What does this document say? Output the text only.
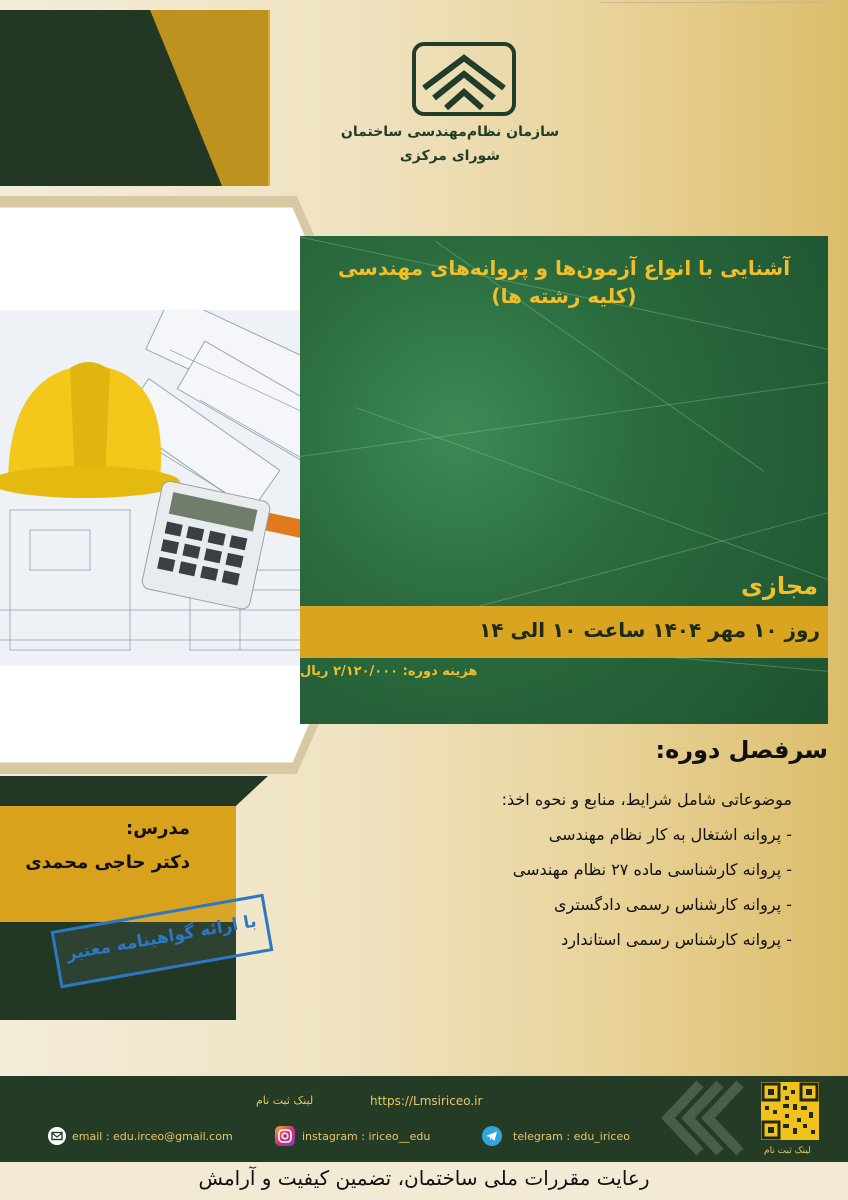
سازمان نظام‌مهندسی ساختمان
شورای مرکزی
آشنایی با انواع آزمون‌ها و پروانه‌های مهندسی
(کلیه رشته ها)
مجازی
روز ۱۰ مهر ۱۴۰۴ ساعت ۱۰ الی ۱۴
هزینه دوره: ۲/۱۲۰/۰۰۰ ریال
سرفصل دوره:
موضوعاتی شامل شرایط، منابع و نحوه اخذ:
- پروانه اشتغال به کار نظام مهندسی
- پروانه کارشناسی ماده ۲۷ نظام مهندسی
- پروانه کارشناس رسمی دادگستری
- پروانه کارشناس رسمی استاندارد
مدرس:
دکتر حاجی محمدی
با ارائه گواهینامه معتبر
لینک ثبت نام	https://Lmsiriceo.ir
email : edu.irceo@gmail.com	instagram : iriceo__edu	telegram : edu_iriceo
لینک ثبت نام
رعایت مقررات ملی ساختمان، تضمین کیفیت و آرامش
